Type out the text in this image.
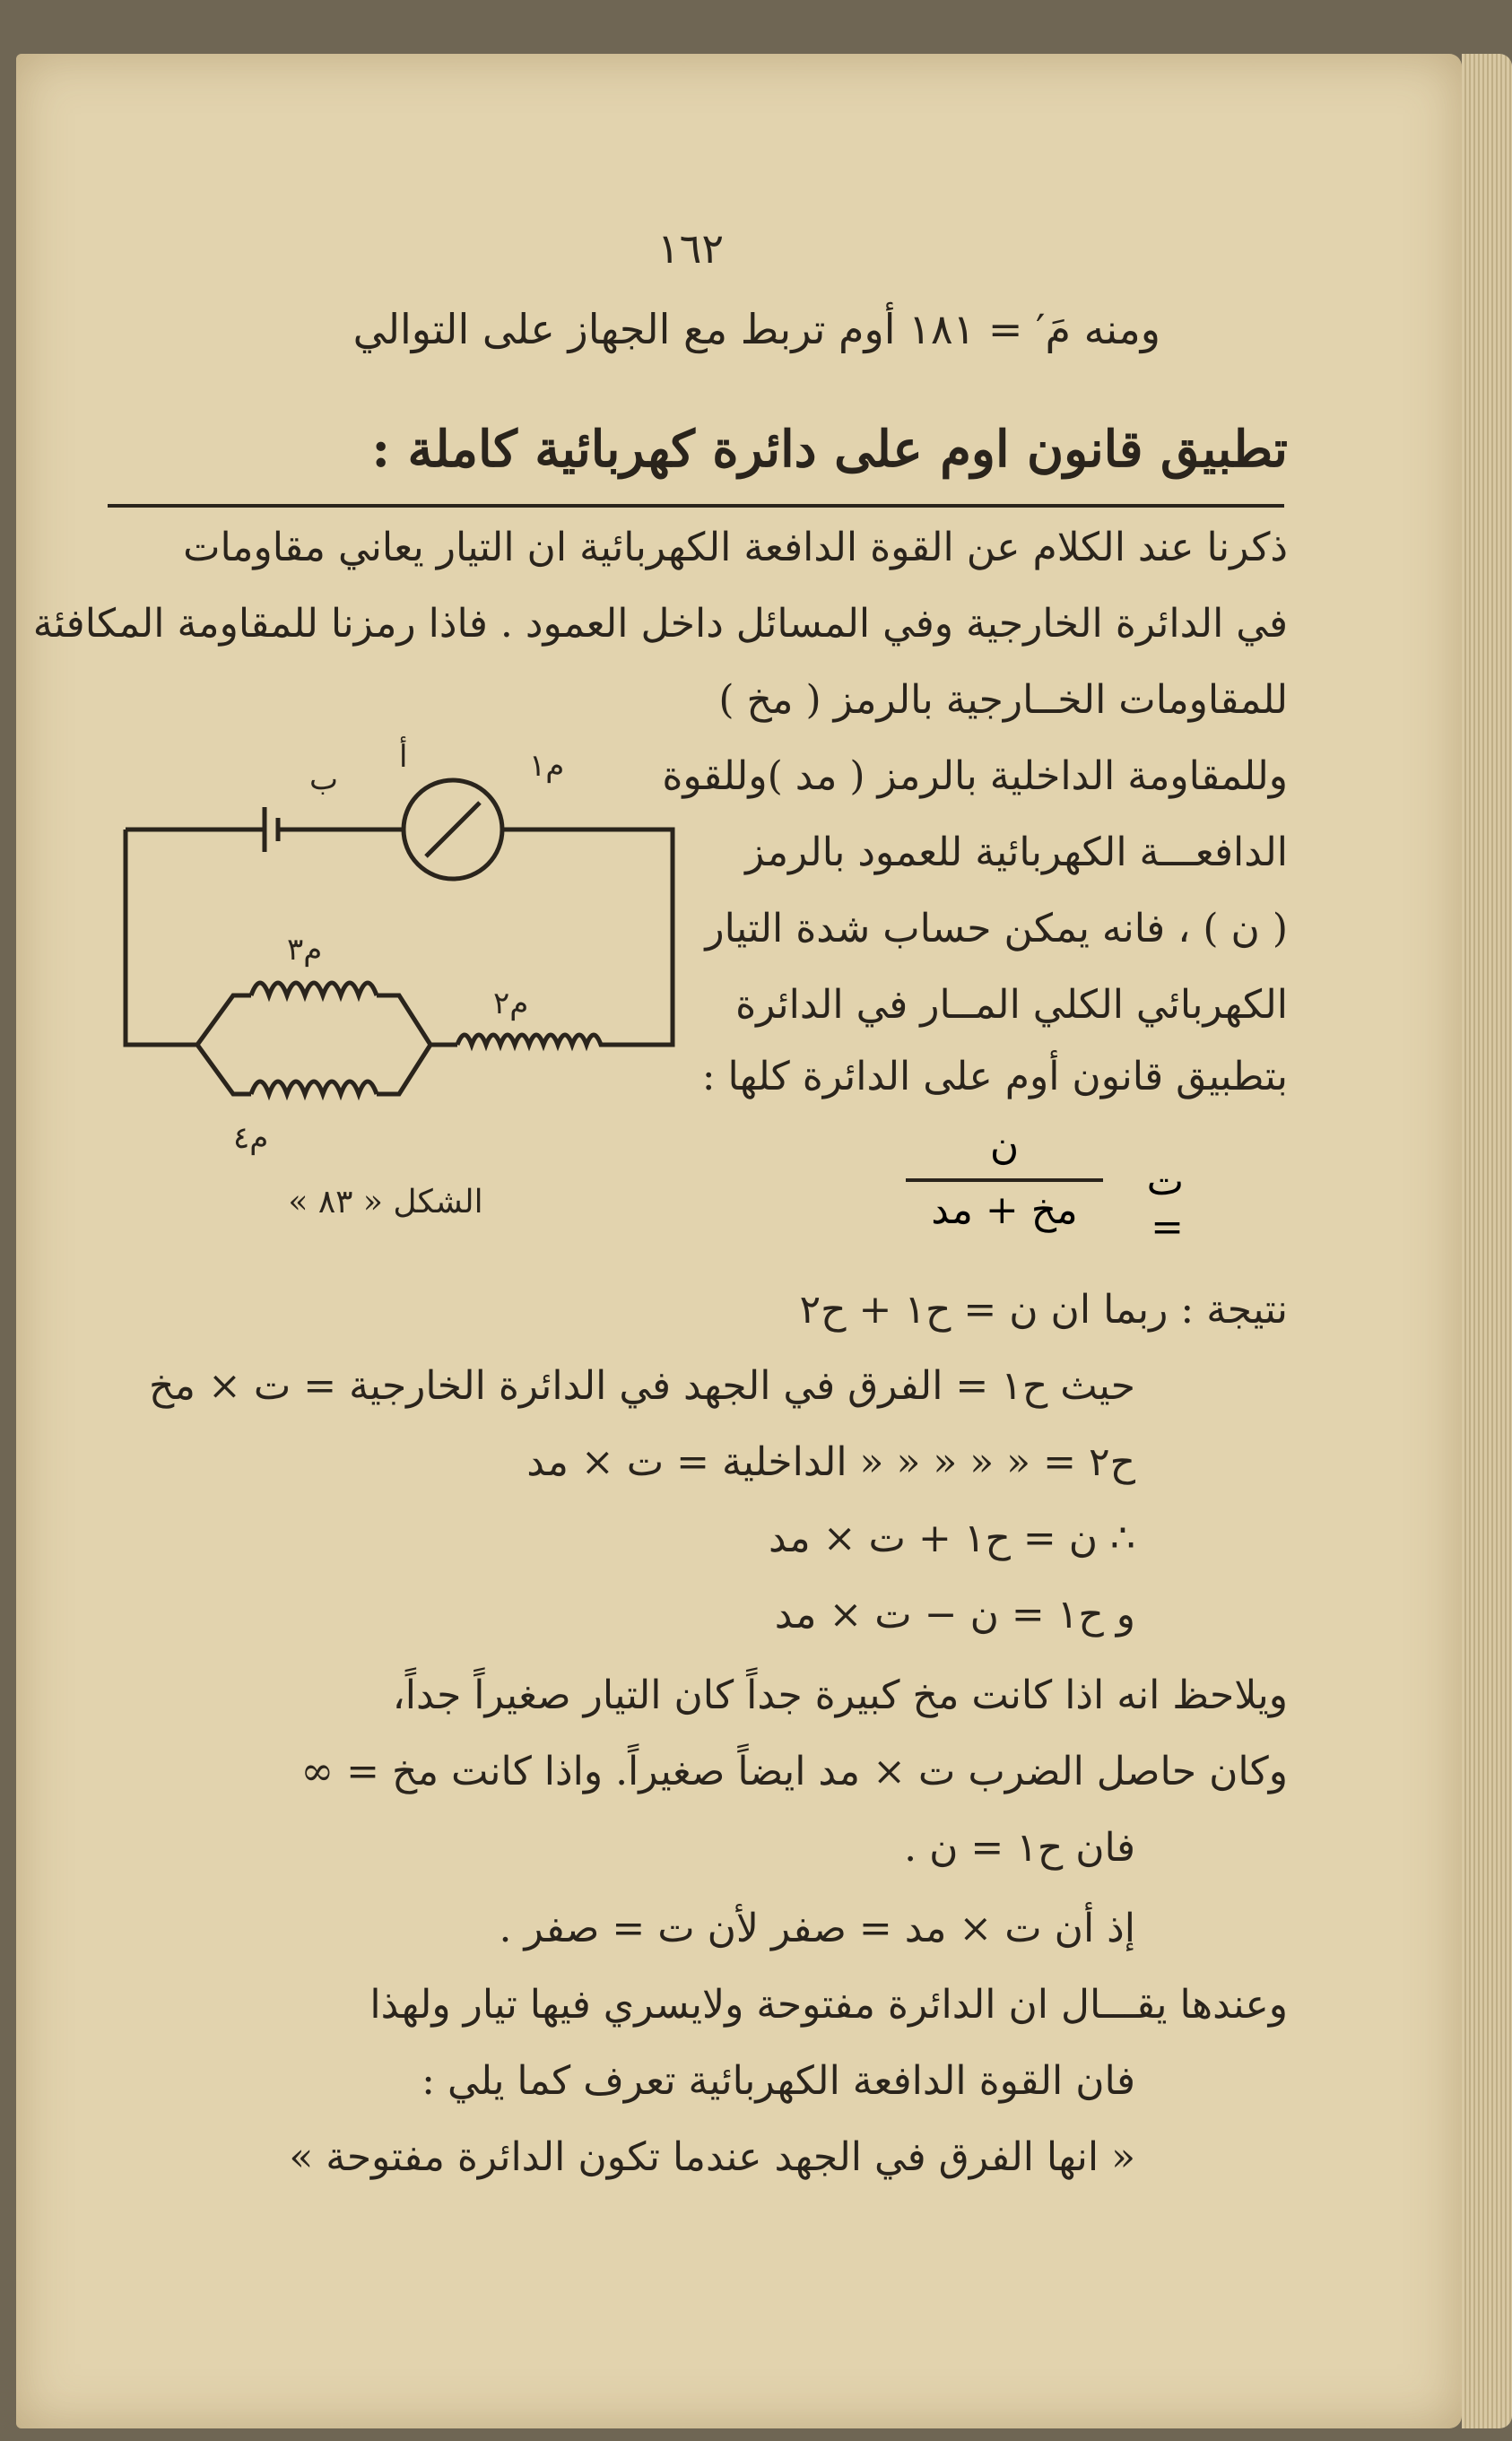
١٦٢
ومنه مَ′ = ١٨١ أوم تربط مع الجهاز على التوالي
تطبيق قانون اوم على دائرة كهربائية كاملة :
ذكرنا عند الكلام عن القوة الدافعة الكهربائية ان التيار يعاني مقاومات
في الدائرة الخارجية وفي المسائل داخل العمود . فاذا رمزنا للمقاومة المكافئة
للمقاومات الخــارجية بالرمز ( مخ )
وللمقاومة الداخلية بالرمز ( مد )وللقوة
الدافعـــة الكهربائية للعمود بالرمز
( ن ) ، فانه يمكن حساب شدة التيار
الكهربائي الكلي المــار في الدائرة
بتطبيق قانون أوم على الدائرة كلها :
ب
أ	م١
م٣
م٤
م٢
الشكل « ٨٣ »
ن
مخ + مد
ت =
نتيجة : ربما ان ن = ح١ + ح٢
حيث ح١ = الفرق في الجهد في الدائرة الخارجية = ت × مخ
ح٢ = « « « « « الداخلية = ت × مد
∴ ن = ح١ + ت × مد
و ح١ = ن − ت × مد
ويلاحظ انه اذا كانت مخ كبيرة جداً كان التيار صغيراً جداً،
وكان حاصل الضرب ت × مد ايضاً صغيراً. واذا كانت مخ = ∞
فان ح١ = ن .
إذ أن ت × مد = صفر لأن ت = صفر .
وعندها يقـــال ان الدائرة مفتوحة ولايسري فيها تيار ولهذا
فان القوة الدافعة الكهربائية تعرف كما يلي :
« انها الفرق في الجهد عندما تكون الدائرة مفتوحة »
